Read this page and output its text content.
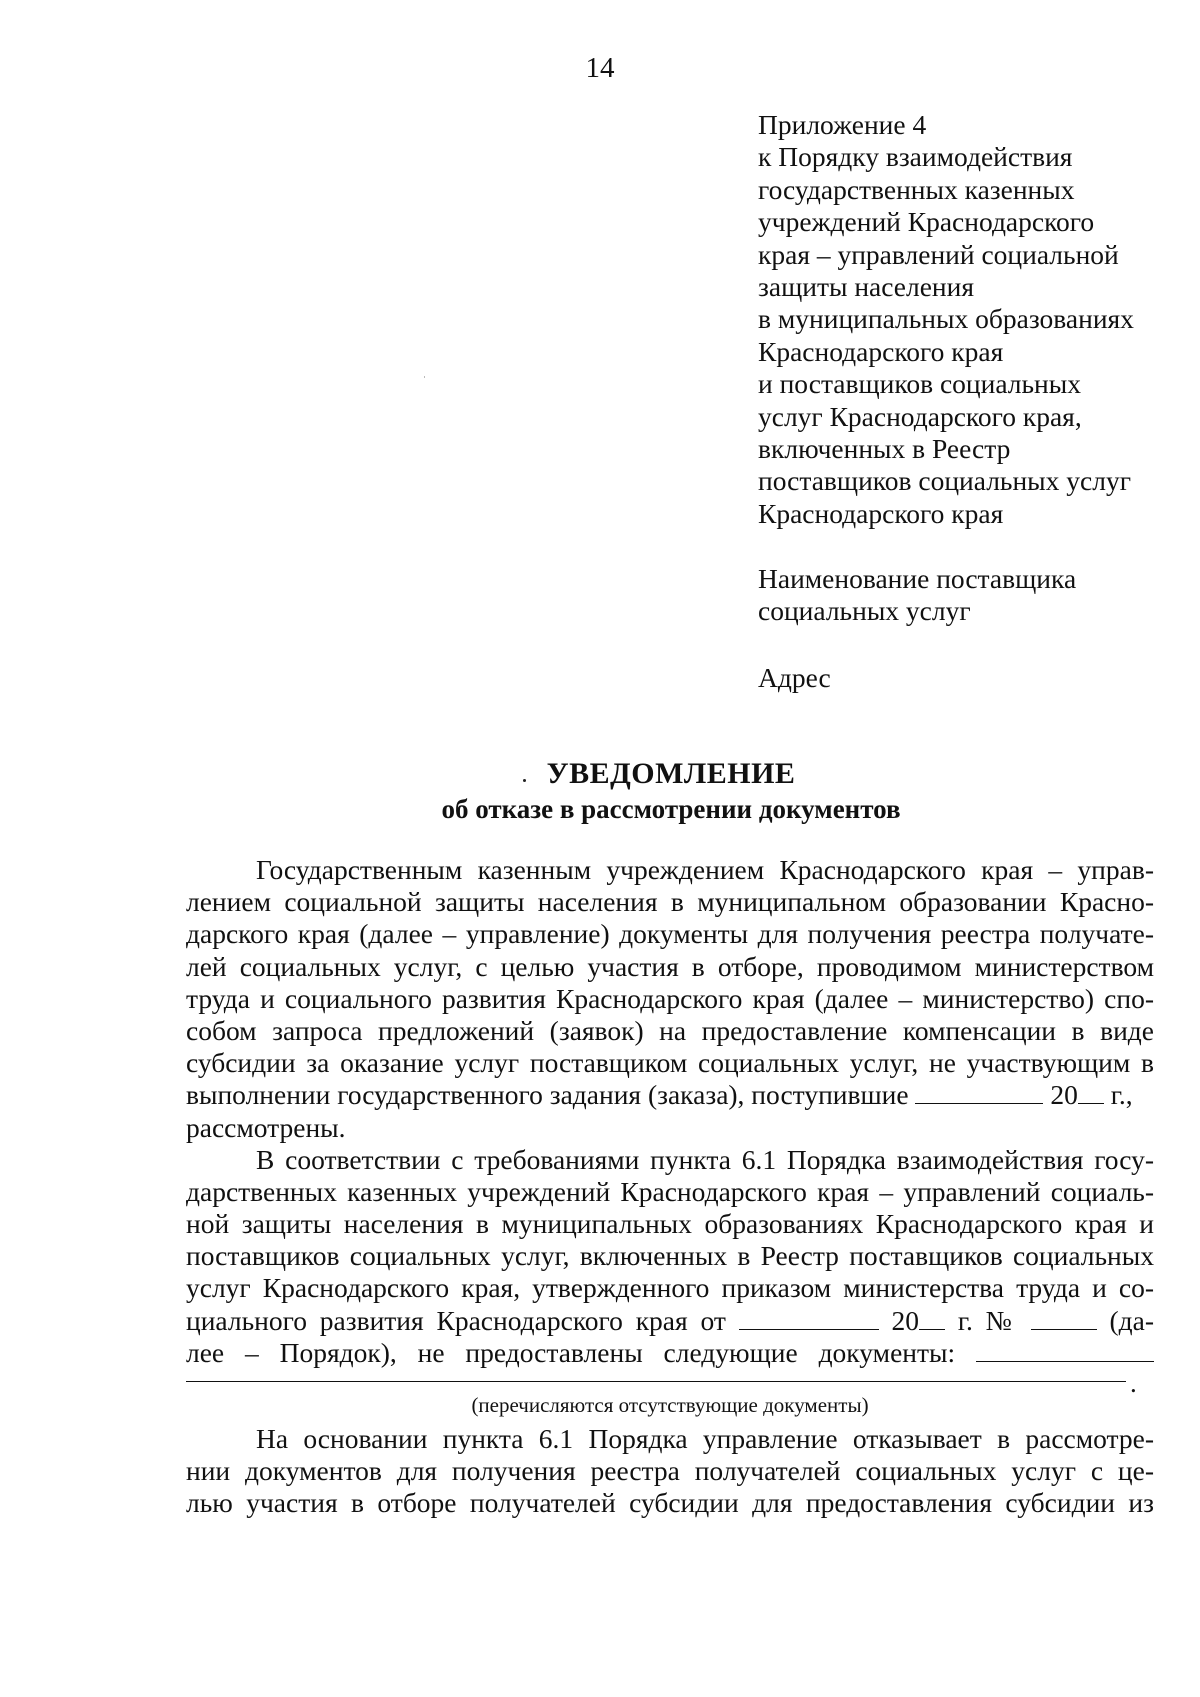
14
Приложение 4
к Порядку взаимодействия
государственных казенных
учреждений Краснодарского
края – управлений социальной
защиты населения
в муниципальных образованиях
Краснодарского края
и поставщиков социальных
услуг Краснодарского края,
включенных в Реестр
поставщиков социальных услуг
Краснодарского края
Наименование поставщика
социальных услуг
Адрес
УВЕДОМЛЕНИЕ
об отказе в рассмотрении документов
Государственным казенным учреждением Краснодарского края – управ-
лением социальной защиты населения в муниципальном образовании Красно-
дарского края (далее – управление) документы для получения реестра получате-
лей социальных услуг, с целью участия в отборе, проводимом министерством
труда и социального развития Краснодарского края (далее – министерство) спо-
собом запроса предложений (заявок) на предоставление компенсации в виде
субсидии за оказание услуг поставщиком социальных услуг, не участвующим в
выполнении государственного задания (заказа), поступившие	20 г.,
рассмотрены.
В соответствии с требованиями пункта 6.1 Порядка взаимодействия госу-
дарственных казенных учреждений Краснодарского края – управлений социаль-
ной защиты населения в муниципальных образованиях Краснодарского края и
поставщиков социальных услуг, включенных в Реестр поставщиков социальных
услуг Краснодарского края, утвержденного приказом министерства труда и со-
циального развития Краснодарского края от	20 г. №	(да-
лее – Порядок), не предоставлены следующие документы:
.
(перечисляются отсутствующие документы)
На основании пункта 6.1 Порядка управление отказывает в рассмотре-
нии документов для получения реестра получателей социальных услуг с це-
лью участия в отборе получателей субсидии для предоставления субсидии из
